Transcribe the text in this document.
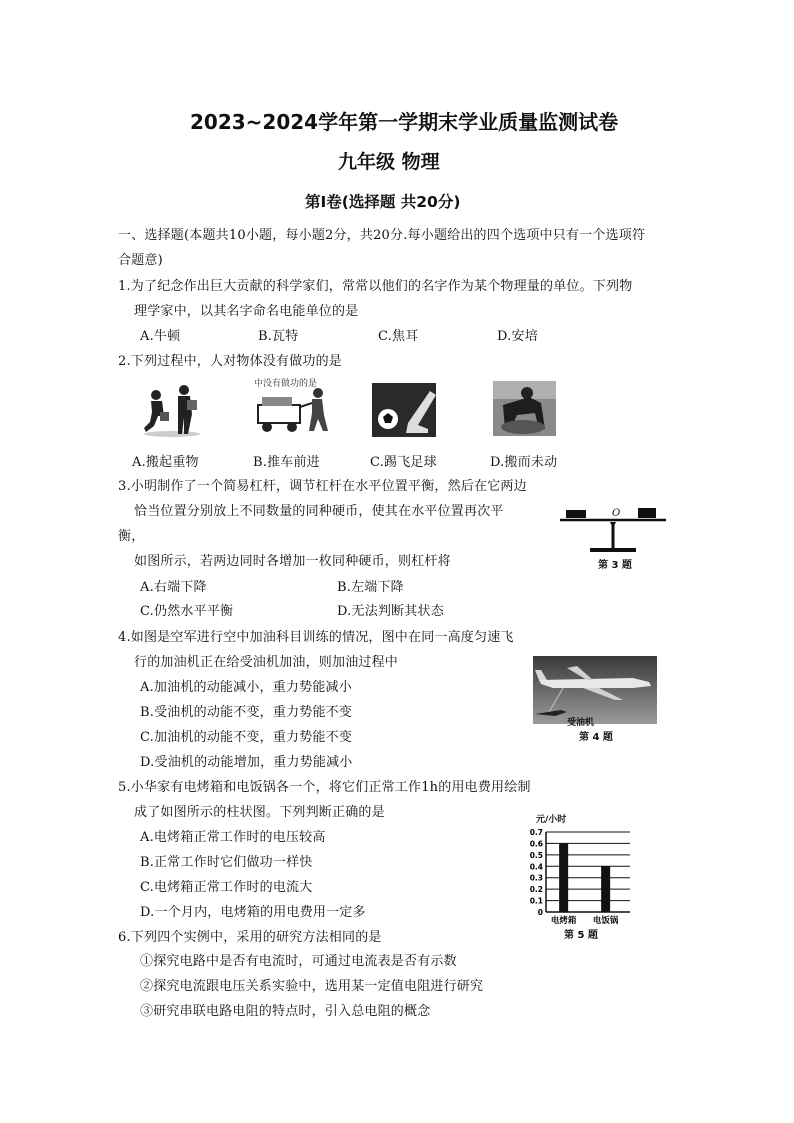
2023~2024学年第一学期末学业质量监测试卷
九年级 物理
第I卷(选择题 共20分)
一、选择题(本题共10小题，每小题2分，共20分.每小题给出的四个选项中只有一个选项符
合题意)
1.为了纪念作出巨大贡献的科学家们，常常以他们的名字作为某个物理量的单位。下列物
理学家中，以其名字命名电能单位的是
A.牛顿	B.瓦特	C.焦耳	D.安培
2.下列过程中，人对物体没有做功的是
中没有做功的是
A.搬起重物	B.推车前进	C.踢飞足球	D.搬而未动
3.小明制作了一个简易杠杆，调节杠杆在水平位置平衡，然后在它两边
恰当位置分别放上不同数量的同种硬币，使其在水平位置再次平
衡，
如图所示，若两边同时各增加一枚同种硬币，则杠杆将
A.右端下降	B.左端下降
C.仍然水平平衡	D.无法判断其状态
O
第 3 题
4.如图是空军进行空中加油科目训练的情况，图中在同一高度匀速飞
行的加油机正在给受油机加油，则加油过程中
A.加油机的动能减小，重力势能减小
B.受油机的动能不变，重力势能不变
C.加油机的动能不变，重力势能不变
D.受油机的动能增加，重力势能减小
受油机
第 4 题
5.小华家有电烤箱和电饭锅各一个，将它们正常工作1h的用电费用绘制
成了如图所示的柱状图。下列判断正确的是
A.电烤箱正常工作时的电压较高
B.正常工作时它们做功一样快
C.电烤箱正常工作时的电流大
D.一个月内，电烤箱的用电费用一定多
元/小时
0
0.1
0.2
0.3
0.4
0.5
0.6
0.7
电烤箱 电饭锅
第 5 题
6.下列四个实例中，采用的研究方法相同的是
①探究电路中是否有电流时，可通过电流表是否有示数
②探究电流跟电压关系实验中，选用某一定值电阻进行研究
③研究串联电路电阻的特点时，引入总电阻的概念
